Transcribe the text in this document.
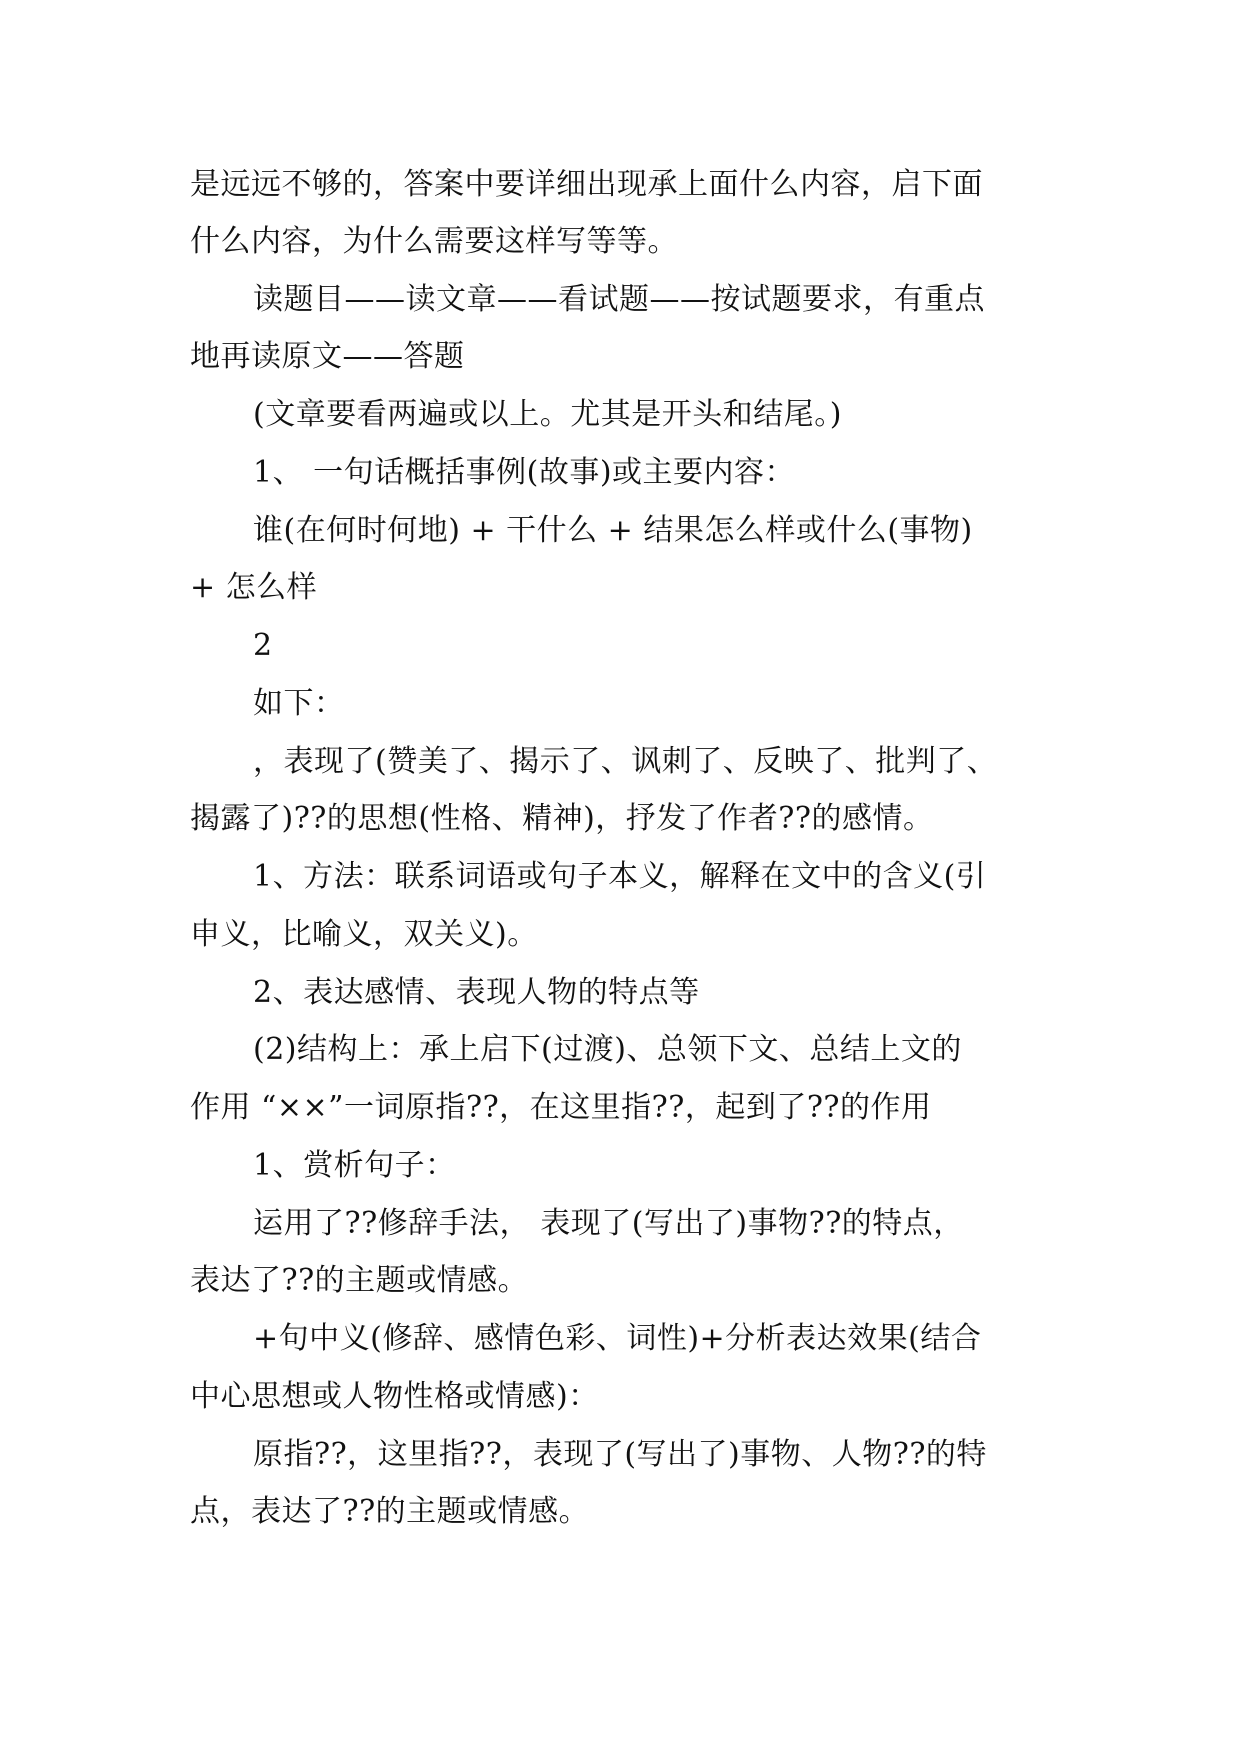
是远远不够的，答案中要详细出现承上面什么内容，启下面
什么内容，为什么需要这样写等等。
读题目——读文章——看试题——按试题要求，有重点
地再读原文——答题
(文章要看两遍或以上。尤其是开头和结尾。)
1、 一句话概括事例(故事)或主要内容：
谁(在何时何地) + 干什么 + 结果怎么样或什么(事物)
+ 怎么样
2
如下：
，表现了(赞美了、揭示了、讽刺了、反映了、批判了、
揭露了)??的思想(性格、精神)，抒发了作者??的感情。
1、方法：联系词语或句子本义，解释在文中的含义(引
申义，比喻义，双关义)。
2、表达感情、表现人物的特点等
(2)结构上：承上启下(过渡)、总领下文、总结上文的
作用 “××”一词原指??，在这里指??，起到了??的作用
1、赏析句子：
运用了??修辞手法， 表现了(写出了)事物??的特点，
表达了??的主题或情感。
+句中义(修辞、感情色彩、词性)+分析表达效果(结合
中心思想或人物性格或情感)：
原指??，这里指??，表现了(写出了)事物、人物??的特
点，表达了??的主题或情感。
